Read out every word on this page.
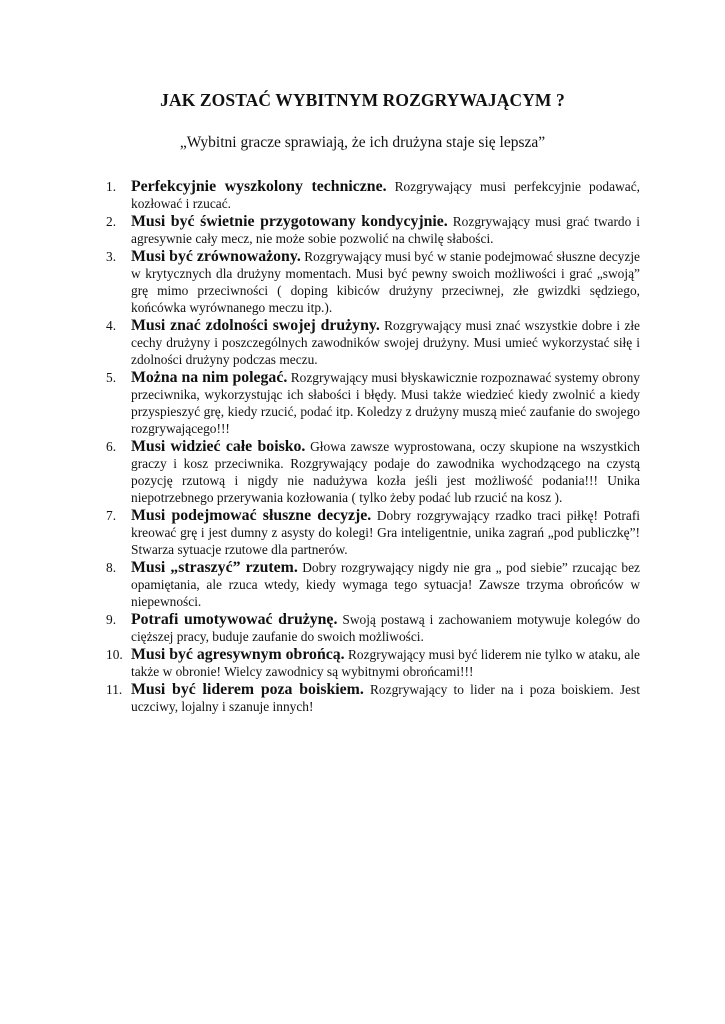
JAK ZOSTAĆ WYBITNYM ROZGRYWAJĄCYM ?

„Wybitni gracze sprawiają, że ich drużyna staje się lepsza”

1. Perfekcyjnie wyszkolony techniczne. Rozgrywający musi perfekcyjnie podawać, kozłować i rzucać.
2. Musi być świetnie przygotowany kondycyjnie. Rozgrywający musi grać twardo i agresywnie cały mecz, nie może sobie pozwolić na chwilę słabości.
3. Musi być zrównoważony. Rozgrywający musi być w stanie podejmować słuszne decyzje w krytycznych dla drużyny momentach. Musi być pewny swoich możliwości i grać „swoją” grę mimo przeciwności ( doping kibiców drużyny przeciwnej, złe gwizdki sędziego, końcówka wyrównanego meczu itp.).
4. Musi znać zdolności swojej drużyny. Rozgrywający musi znać wszystkie dobre i złe cechy drużyny i poszczególnych zawodników swojej drużyny. Musi umieć wykorzystać siłę i zdolności drużyny podczas meczu.
5. Można na nim polegać. Rozgrywający musi błyskawicznie rozpoznawać systemy obrony przeciwnika, wykorzystując ich słabości i błędy. Musi także wiedzieć kiedy zwolnić a kiedy przyspieszyć grę, kiedy rzucić, podać itp. Koledzy z drużyny muszą mieć zaufanie do swojego rozgrywającego!!!
6. Musi widzieć całe boisko. Głowa zawsze wyprostowana, oczy skupione na wszystkich graczy i kosz przeciwnika. Rozgrywający podaje do zawodnika wychodzącego na czystą pozycję rzutową i nigdy nie nadużywa kozła jeśli jest możliwość podania!!! Unika niepotrzebnego przerywania kozłowania ( tylko żeby podać lub rzucić na kosz ).
7. Musi podejmować słuszne decyzje. Dobry rozgrywający rzadko traci piłkę! Potrafi kreować grę i jest dumny z asysty do kolegi! Gra inteligentnie, unika zagrań „pod publiczkę”! Stwarza sytuacje rzutowe dla partnerów.
8. Musi „straszyć” rzutem. Dobry rozgrywający nigdy nie gra „ pod siebie” rzucając bez opamiętania, ale rzuca wtedy, kiedy wymaga tego sytuacja! Zawsze trzyma obrońców w niepewności.
9. Potrafi umotywować drużynę. Swoją postawą i zachowaniem motywuje kolegów do cięższej pracy, buduje zaufanie do swoich możliwości.
10. Musi być agresywnym obrońcą. Rozgrywający musi być liderem nie tylko w ataku, ale także w obronie! Wielcy zawodnicy są wybitnymi obrońcami!!!
11. Musi być liderem poza boiskiem. Rozgrywający to lider na i poza boiskiem. Jest uczciwy, lojalny i szanuje innych!
